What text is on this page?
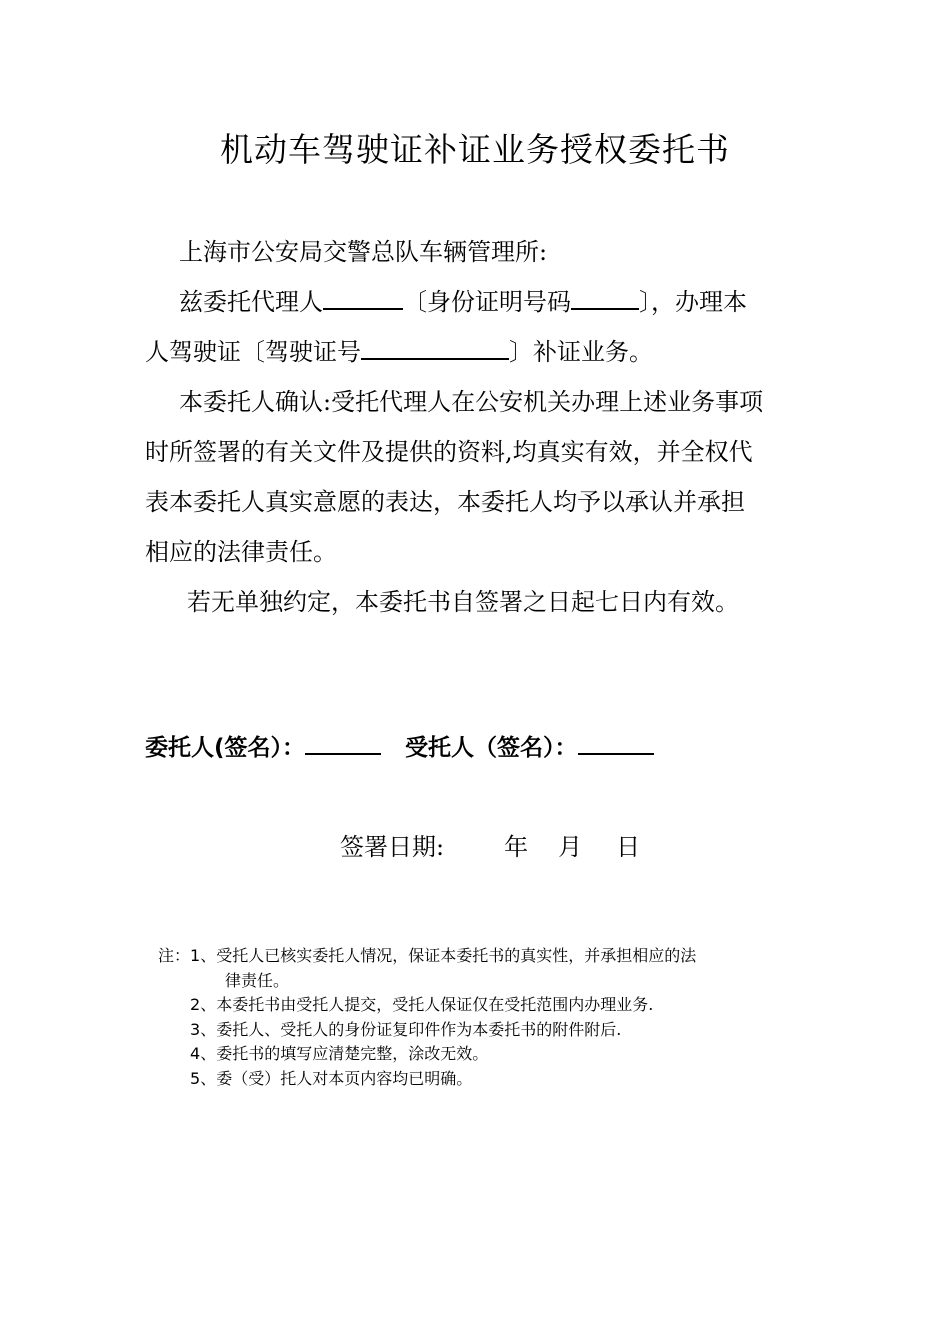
机动车驾驶证补证业务授权委托书
上海市公安局交警总队车辆管理所:
兹委托代理人	〔身份证明号码	〕，办理本
人驾驶证〔驾驶证号	〕补证业务。
本委托人确认:受托代理人在公安机关办理上述业务事项
时所签署的有关文件及提供的资料,均真实有效，并全权代
表本委托人真实意愿的表达，本委托人均予以承认并承担
相应的法律责任。
若无单独约定，本委托书自签署之日起七日内有效。
委托人(签名）：	受托人（签名）：
签署日期:	年 月 日
注：1、受托人已核实委托人情况，保证本委托书的真实性，并承担相应的法
律责任。
2、本委托书由受托人提交，受托人保证仅在受托范围内办理业务.
3、委托人、受托人的身份证复印件作为本委托书的附件附后.
4、委托书的填写应清楚完整，涂改无效。
5、委（受）托人对本页内容均已明确。
